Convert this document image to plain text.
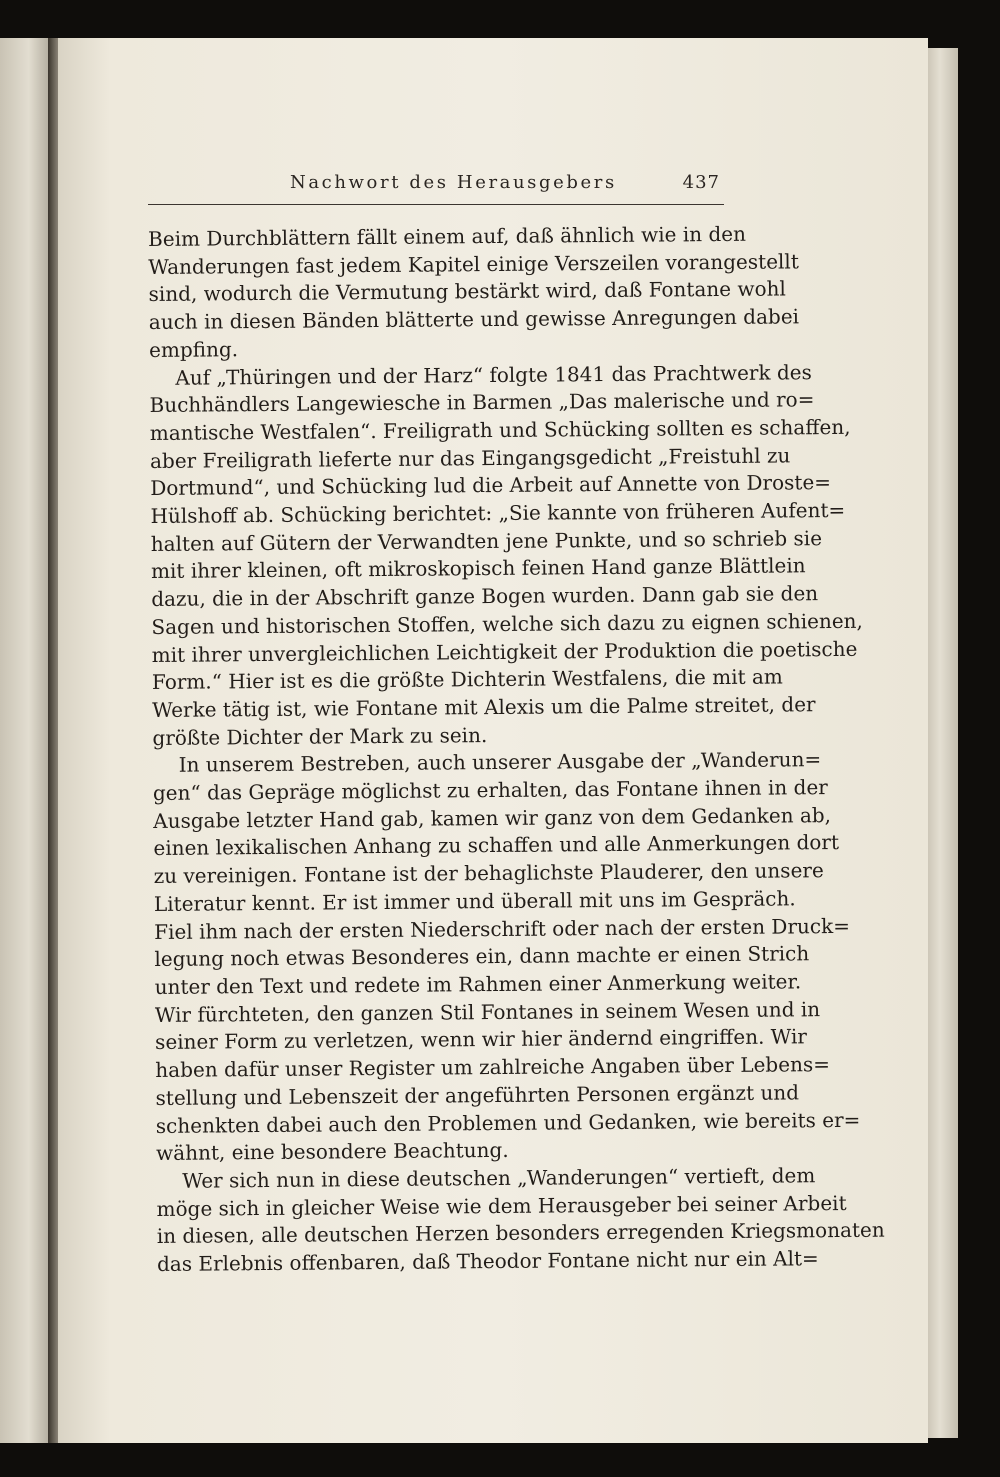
Nachwort des Herausgebers	437
Beim Durchblättern fällt einem auf, daß ähnlich wie in den
Wanderungen fast jedem Kapitel einige Verszeilen vorangestellt
sind, wodurch die Vermutung bestärkt wird, daß Fontane wohl
auch in diesen Bänden blätterte und gewisse Anregungen dabei
empfing.
Auf „Thüringen und der Harz“ folgte 1841 das Prachtwerk des
Buchhändlers Langewiesche in Barmen „Das malerische und ro=
mantische Westfalen“. Freiligrath und Schücking sollten es schaffen,
aber Freiligrath lieferte nur das Eingangsgedicht „Freistuhl zu
Dortmund“, und Schücking lud die Arbeit auf Annette von Droste=
Hülshoff ab. Schücking berichtet: „Sie kannte von früheren Aufent=
halten auf Gütern der Verwandten jene Punkte, und so schrieb sie
mit ihrer kleinen, oft mikroskopisch feinen Hand ganze Blättlein
dazu, die in der Abschrift ganze Bogen wurden. Dann gab sie den
Sagen und historischen Stoffen, welche sich dazu zu eignen schienen,
mit ihrer unvergleichlichen Leichtigkeit der Produktion die poetische
Form.“ Hier ist es die größte Dichterin Westfalens, die mit am
Werke tätig ist, wie Fontane mit Alexis um die Palme streitet, der
größte Dichter der Mark zu sein.
In unserem Bestreben, auch unserer Ausgabe der „Wanderun=
gen“ das Gepräge möglichst zu erhalten, das Fontane ihnen in der
Ausgabe letzter Hand gab, kamen wir ganz von dem Gedanken ab,
einen lexikalischen Anhang zu schaffen und alle Anmerkungen dort
zu vereinigen. Fontane ist der behaglichste Plauderer, den unsere
Literatur kennt. Er ist immer und überall mit uns im Gespräch.
Fiel ihm nach der ersten Niederschrift oder nach der ersten Druck=
legung noch etwas Besonderes ein, dann machte er einen Strich
unter den Text und redete im Rahmen einer Anmerkung weiter.
Wir fürchteten, den ganzen Stil Fontanes in seinem Wesen und in
seiner Form zu verletzen, wenn wir hier ändernd eingriffen. Wir
haben dafür unser Register um zahlreiche Angaben über Lebens=
stellung und Lebenszeit der angeführten Personen ergänzt und
schenkten dabei auch den Problemen und Gedanken, wie bereits er=
wähnt, eine besondere Beachtung.
Wer sich nun in diese deutschen „Wanderungen“ vertieft, dem
möge sich in gleicher Weise wie dem Herausgeber bei seiner Arbeit
in diesen, alle deutschen Herzen besonders erregenden Kriegsmonaten
das Erlebnis offenbaren, daß Theodor Fontane nicht nur ein Alt=
